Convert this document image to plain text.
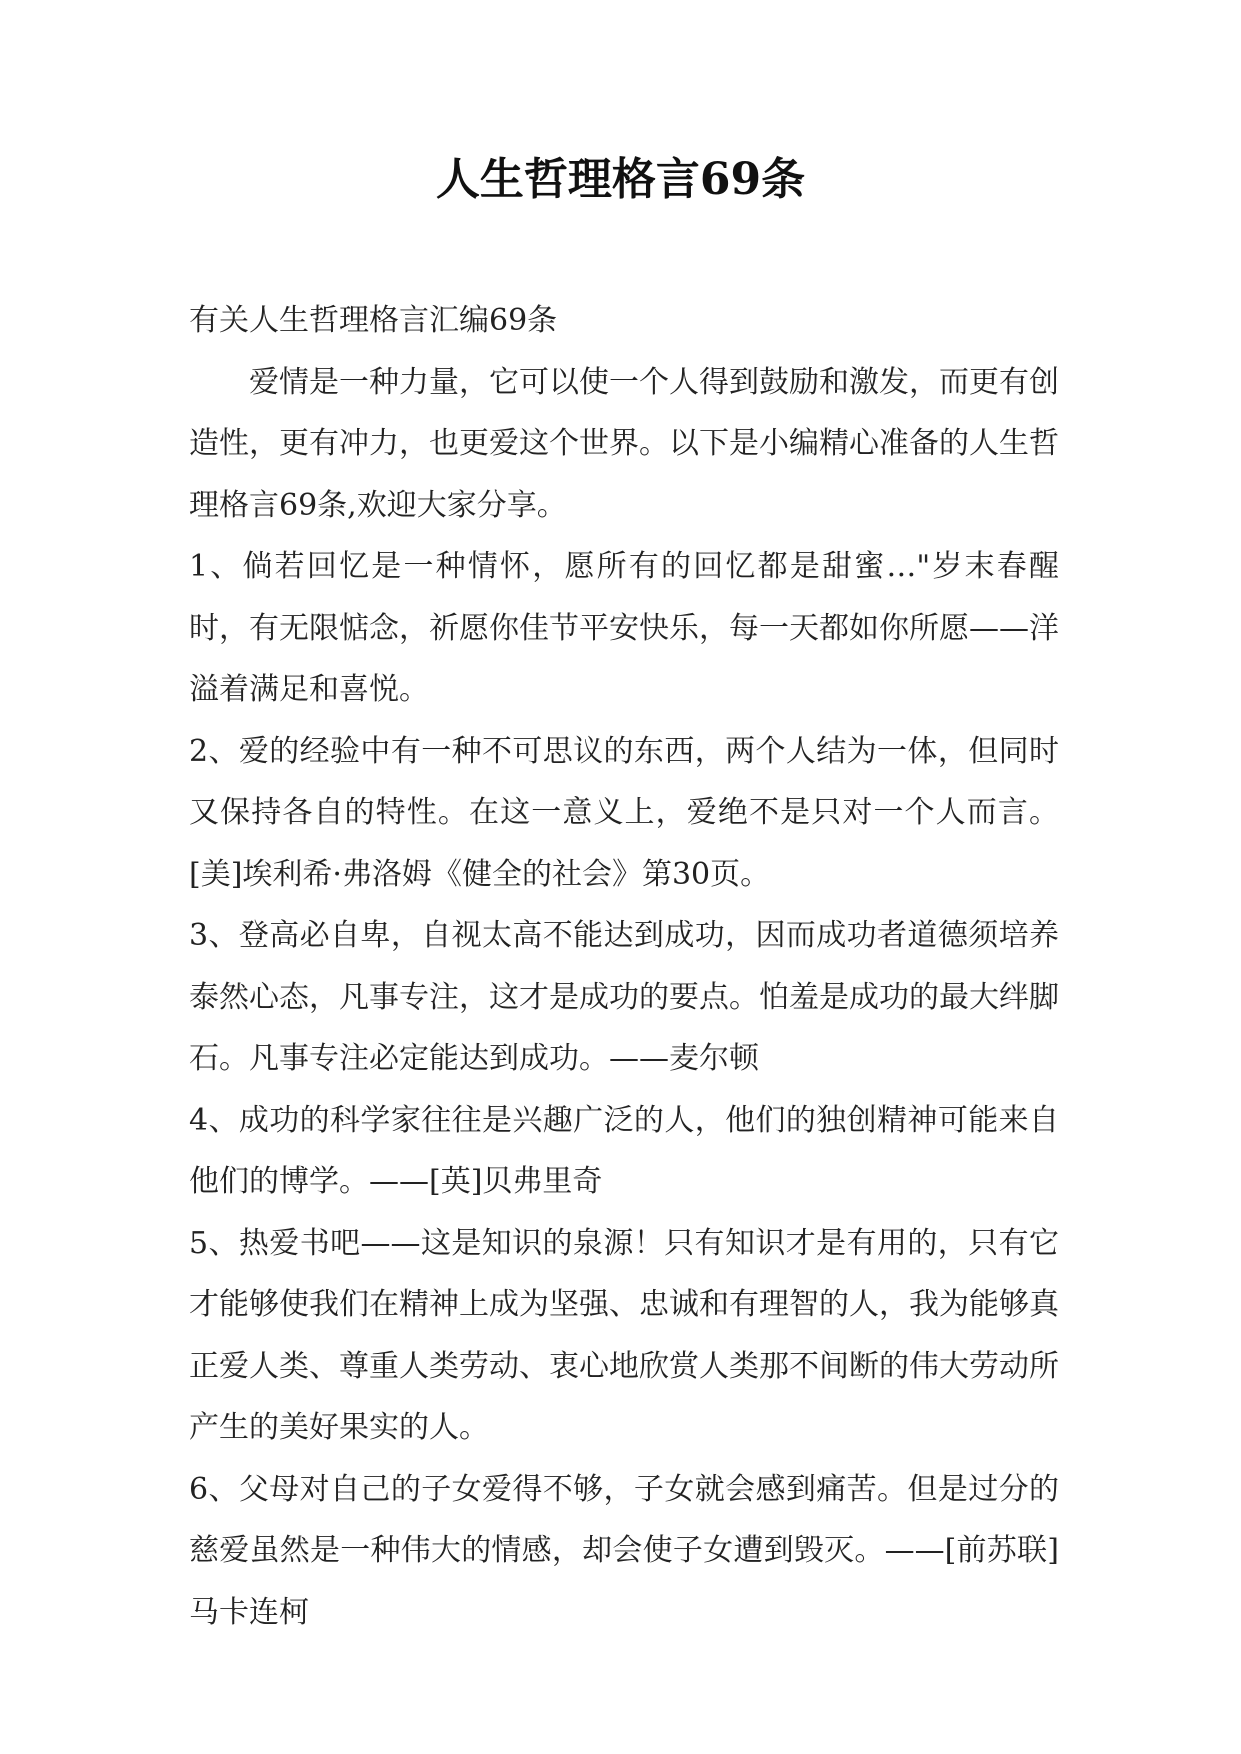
人生哲理格言69条

有关人生哲理格言汇编69条

爱情是一种力量，它可以使一个人得到鼓励和激发，而更有创造性，更有冲力，也更爱这个世界。以下是小编精心准备的人生哲理格言69条,欢迎大家分享。

1、倘若回忆是一种情怀，愿所有的回忆都是甜蜜…"岁末春醒时，有无限惦念，祈愿你佳节平安快乐，每一天都如你所愿——洋溢着满足和喜悦。

2、爱的经验中有一种不可思议的东西，两个人结为一体，但同时又保持各自的特性。在这一意义上，爱绝不是只对一个人而言。[美]埃利希·弗洛姆《健全的社会》第30页。

3、登高必自卑，自视太高不能达到成功，因而成功者道德须培养泰然心态，凡事专注，这才是成功的要点。怕羞是成功的最大绊脚石。凡事专注必定能达到成功。——麦尔顿

4、成功的科学家往往是兴趣广泛的人，他们的独创精神可能来自他们的博学。——[英]贝弗里奇

5、热爱书吧——这是知识的泉源！只有知识才是有用的，只有它才能够使我们在精神上成为坚强、忠诚和有理智的人，我为能够真正爱人类、尊重人类劳动、衷心地欣赏人类那不间断的伟大劳动所产生的美好果实的人。

6、父母对自己的子女爱得不够，子女就会感到痛苦。但是过分的慈爱虽然是一种伟大的情感，却会使子女遭到毁灭。——[前苏联]马卡连柯
